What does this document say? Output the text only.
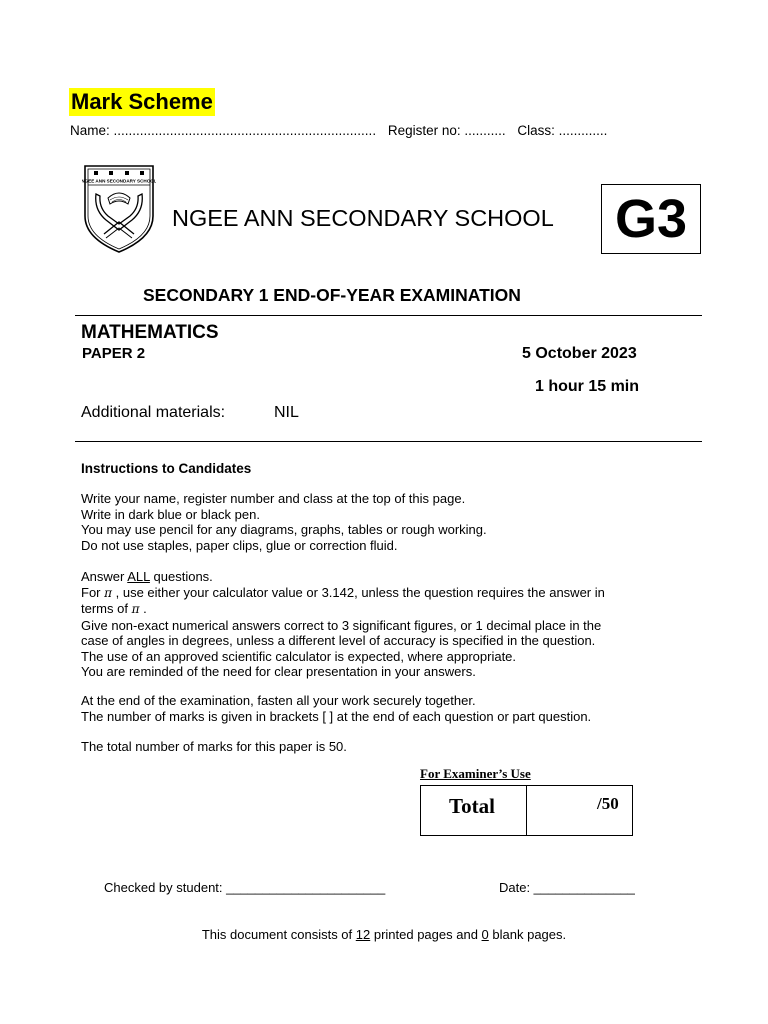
Mark Scheme
Name: ...................................................................... Register no: ........... Class: .............
NGEE ANN SECONDARY SCHOOL
NGEE ANN SECONDARY SCHOOL G3
SECONDARY 1 END-OF-YEAR EXAMINATION
MATHEMATICS
PAPER 2	5 October 2023
1 hour 15 min
Additional materials:	NIL
Instructions to Candidates
Write your name, register number and class at the top of this page.
Write in dark blue or black pen.
You may use pencil for any diagrams, graphs, tables or rough working.
Do not use staples, paper clips, glue or correction fluid.
Answer ALL questions.
For π , use either your calculator value or 3.142, unless the question requires the answer in
terms of π .
Give non-exact numerical answers correct to 3 significant figures, or 1 decimal place in the
case of angles in degrees, unless a different level of accuracy is specified in the question.
The use of an approved scientific calculator is expected, where appropriate.
You are reminded of the need for clear presentation in your answers.
At the end of the examination, fasten all your work securely together.
The number of marks is given in brackets [ ] at the end of each question or part question.
The total number of marks for this paper is 50.
For Examiner’s Use
Total	/50
Checked by student: ______________________	Date: ______________
This document consists of 12 printed pages and 0 blank pages.
